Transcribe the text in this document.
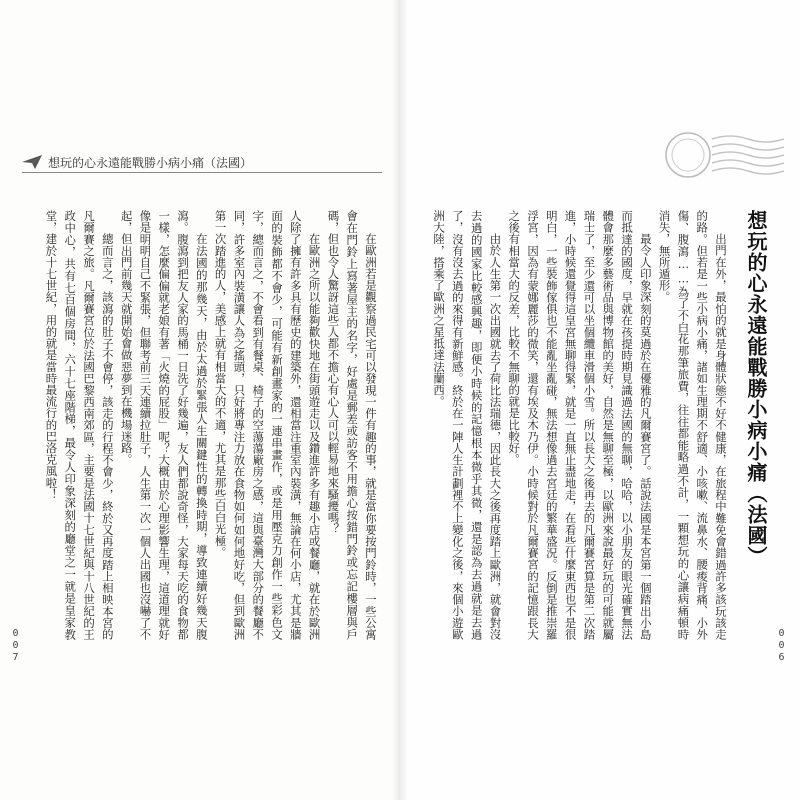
想玩的心永遠能戰勝小病小痛（法國）
想玩的心永遠能戰勝小病小痛（法國）

出門在外，最怕的就是身體狀態不好不健康，在旅程中難免會錯過許多該玩該走的路。但若是一些小病小痛，諸如生理期不舒適、小咳嗽、流鼻水、腰痠背痛、小外傷、腹瀉……為了不白花那筆旅費，往往都能略過不計，一顆想玩的心讓病痛頓時消失，無所遁形。

最令人印象深刻的莫過於在優雅的凡爾賽宮了。話說法國是本宮第一個踏出小島而抵達的國度，早就在孩提時期見識過法國的無聊，哈哈，以小朋友的眼光確實無法體會那麼多藝術品與博物館的美好，自然是無聊至極，以歐洲來說最好玩的可能就屬瑞士了，至少還可以坐個纜車滑個小雪。所以長大之後再去的凡爾賽宮算是第二次踏進，小時候還覺得這皇宮無聊得緊，就是一直無止盡地走，在看些什麼東西也不是很明白，一些裝飾傢俱也不能亂坐亂碰，無法想像過去宮廷的繁華盛況。反倒是推崇羅浮宮，因為有蒙娜麗莎的微笑，還有埃及木乃伊。小時候對於凡爾賽宮的記憶跟長大之後有相當大的反差，比較不無聊的就是比較好。

由於人生第一次出國就去了荷比法瑞德，因此長大之後再度踏上歐洲，就會對沒去過的國家比較感興趣，即便小時候的記憶根本微乎其微，還是認為去過就是去過了，沒有沒去過的來得有新鮮感。終於在一陣人生計劃裡不上變化之後，來個小遊歐洲大陸，搭乘了歐洲之星抵達法蘭西。

在歐洲若是觀察過民宅可以發現一件有趣的事，就是當你要按門鈴時，一些公寓會在門鈴上寫著屋主的名字，好處是郵差或訪客不用擔心按錯門鈴或忘記樓層與戶碼，但也令人驚訝這些人都不擔心有心人可以輕易地來騷擾嗎？

在歐洲之所以能夠歡快地在街頭遊走以及鑽進許多有趣小店或餐廳，就在於歐洲人除了擁有許多具有歷史的建築外，還相當注重室內裝潢，無論在何小店，尤其是牆面的裝飾都不會少，可能有新創畫家的一連串畫作，或是用壓克力創作一些彩色文字，總而言之，不會看到有餐桌、椅子的空蕩蕩廠房之感，這與臺灣大部分的餐廳不同，許多室內裝潢讓人為之搖頭，只好將專注力放在食物如何如何地好吃，但到歐洲第一次踏進的人，美感上就有相當大的不適，尤其是那些白白光極。

在法國的那幾天，由於太過於緊張人生關鍵性的轉換時期，導致連續好幾天腹瀉。腹瀉到把友人家的馬桶一日洗了好幾遍，友人們都說奇怪，大家每天吃的食物都一樣，怎麼偏偏就老娘有著「火燒的屁股」呢？大概由於心理影響生理，這道理就好像是明明自己不緊張，但聯考前三天連續拉肚子，人生第一次一個人出國也沒嚇了不起，但出門前幾天就開始會做惡夢到在機場迷路。

總而言之，該瀉的肚子不會停，該走的行程不會少，終於又再度踏上相映本宮的凡爾賽之旅。凡爾賽宮位於法國巴黎西南郊區，主要是法國十七世紀與十八世紀的王政中心，共有七百個房間，六十七座階梯，最令人印象深刻的廳堂之一就是皇家教堂，建於十七世紀，用的就是當時最流行的巴洛克風啦！

007	006
